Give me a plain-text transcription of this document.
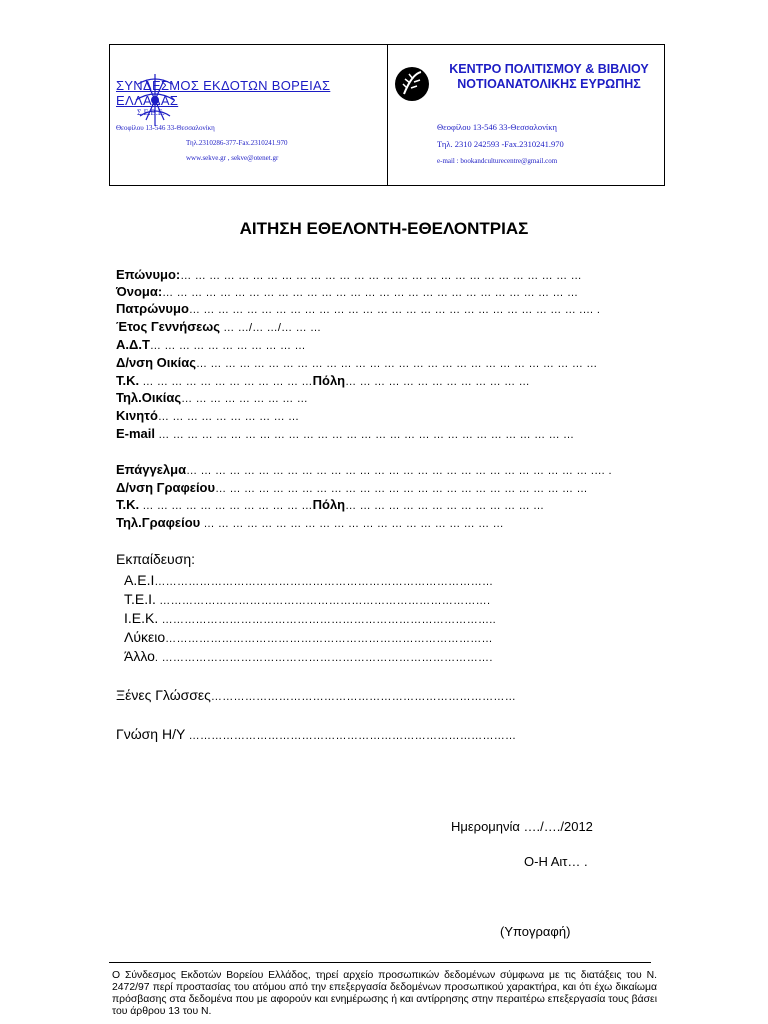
ΣΥΝΔΕΣΜΟΣ ΕΚΔΟΤΩΝ ΒΟΡΕΙΑΣ ΕΛΛΑΔΑΣ
Σ.Ε.Β.Ε.
Θεοφίλου 13-546 33-Θεσσαλονίκη
Τηλ.2310286-377-Fax.2310241.970
www.sekve.gr , sekve@otenet.gr
ΚΕΝΤΡΟ ΠΟΛΙΤΙΣΜΟΥ & ΒΙΒΛΙΟΥ ΝΟΤΙΟΑΝΑΤΟΛΙΚΗΣ ΕΥΡΩΠΗΣ
Θεοφίλου 13-546 33-Θεσσαλονίκη
Τηλ. 2310 242593 -Fax.2310241.970
e-mail : bookandculturecentre@gmail.com
ΑΙΤΗΣΗ ΕΘΕΛΟΝΤΗ-ΕΘΕΛΟΝΤΡΙΑΣ
Επώνυμο:… … … … … … … … … … … … … … … … … … … … … … … … … … … …
Όνομα:… … … … … … … … … … … … … … … … … … … … … … … … … … … … …
Πατρώνυμο… … … … … … … … … … … … … … … … … … … … … … … … … … … .… .
Έτος Γεννήσεως … …/… …/… … …
Α.Δ.Τ… … … … … … … … … … …
Δ/νση Οικίας… … … … … … … … … … … … … … … … … … … … … … … … … … … …
Τ.Κ. … … … … … … … … … … … …Πόλη… … … … … … … … … … … … …
Τηλ.Οικίας… … … … … … … … …
Κινητό… … … … … … … … … …
E-mail … … … … … … … … … … … … … … … … … … … … … … … … … … … … …
Επάγγελμα… … … … … … … … … … … … … … … … … … … … … … … … … … … … .… .
Δ/νση Γραφείου… … … … … … … … … … … … … … … … … … … … … … … … … …
Τ.Κ. … … … … … … … … … … … …Πόλη… … … … … … … … … … … … … …
Τηλ.Γραφείου … … … … … … … … … … … … … … … … … … … … …
Εκπαίδευση:
Α.Ε.Ι………………………………………………………………………………
Τ.Ε.Ι. …………………………………………………………………………….
Ι.Ε.Κ. ……………………………………………………………………………..
Λύκειο……………………………………………………………………………
Άλλο. …………………………………………………………………………….
Ξένες Γλώσσες………………………………………………………………………
Γνώση Η/Υ ……………………………………………………………………………
Ημερομηνία …./…./2012
Ο-Η Αιτ… .
(Υπογραφή)
Ο Σύνδεσμος Εκδοτών Βορείου Ελλάδος, τηρεί αρχείο προσωπικών δεδομένων σύμφωνα με τις διατάξεις του Ν. 2472/97 περί προστασίας του ατόμου από την επεξεργασία δεδομένων προσωπικού χαρακτήρα, και ότι έχω δικαίωμα πρόσβασης στα δεδομένα που με αφορούν και ενημέρωσης ή και αντίρρησης στην περαιτέρω επεξεργασία τους βάσει του άρθρου 13 του Ν.
